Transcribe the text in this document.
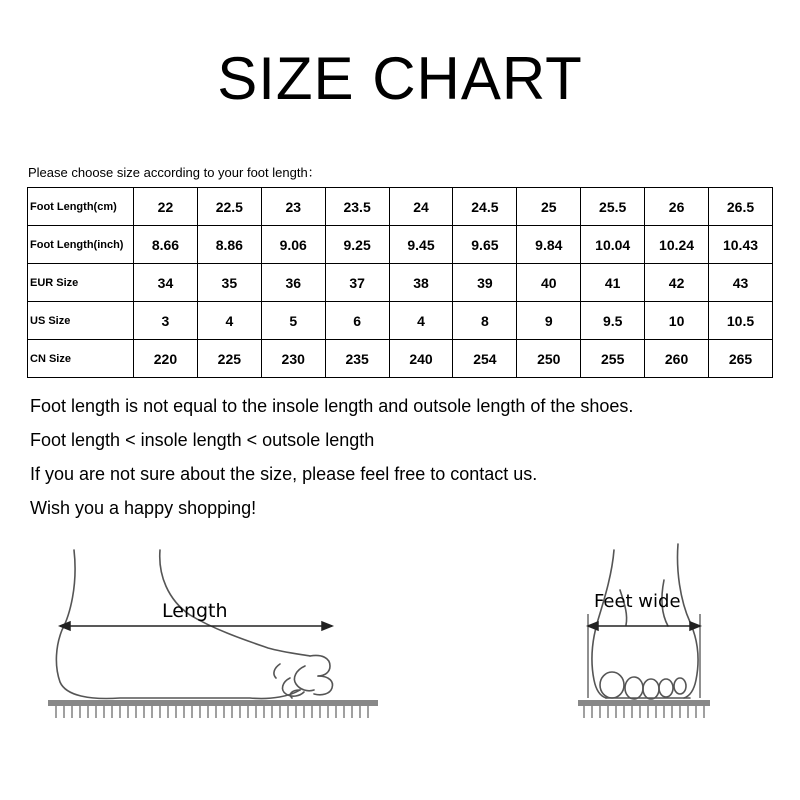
SIZE CHART
Please choose size according to your foot length：
Foot Length(cm)	22	22.5	23	23.5	24	24.5	25	25.5	26	26.5
Foot Length(inch)	8.66	8.86	9.06	9.25	9.45	9.65	9.84	10.04	10.24	10.43
EUR Size	34	35	36	37	38	39	40	41	42	43
US Size	3	4	5	6	4	8	9	9.5	10	10.5
CN Size	220	225	230	235	240	254	250	255	260	265
Foot length is not equal to the insole length and outsole length of the shoes.
Foot length < insole length < outsole length
If you are not sure about the size, please feel free to contact us.
Wish you a happy shopping!
Length	Feet wide
